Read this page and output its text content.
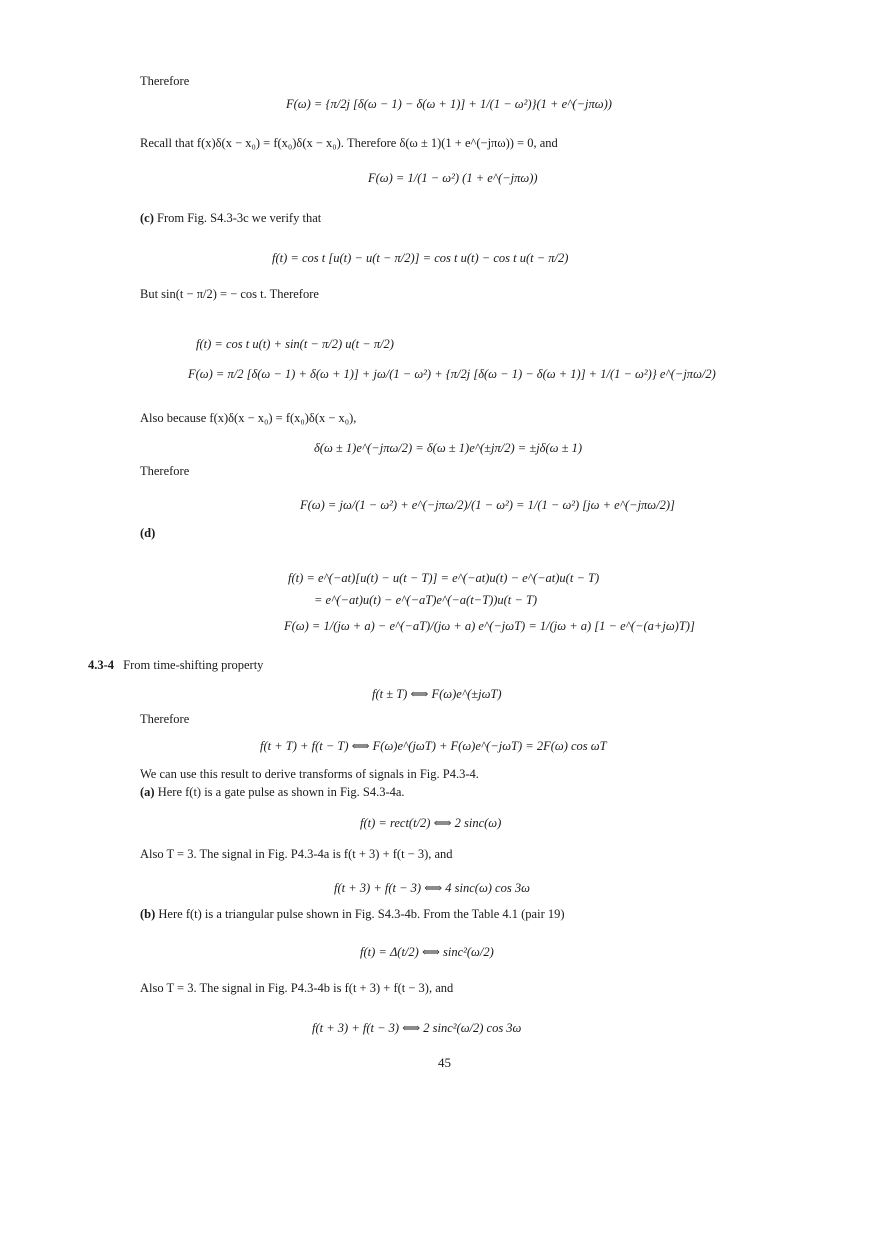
Therefore
F(ω) = {π/2j [δ(ω − 1) − δ(ω + 1)] + 1/(1 − ω²)}(1 + e^(−jπω))
Recall that f(x)δ(x − x₀) = f(x₀)δ(x − x₀). Therefore δ(ω ± 1)(1 + e^(−jπω)) = 0, and
F(ω) = 1/(1 − ω²) (1 + e^(−jπω))
(c) From Fig. S4.3-3c we verify that
f(t) = cos t [u(t) − u(t − π/2)] = cos t u(t) − cos t u(t − π/2)
But sin(t − π/2) = − cos t. Therefore
f(t) = cos t u(t) + sin(t − π/2) u(t − π/2)
F(ω) = π/2 [δ(ω − 1) + δ(ω + 1)] + jω/(1 − ω²) + {π/2j [δ(ω − 1) − δ(ω + 1)] + 1/(1 − ω²)} e^(−jπω/2)
Also because f(x)δ(x − x₀) = f(x₀)δ(x − x₀),
δ(ω ± 1)e^(−jπω/2) = δ(ω ± 1)e^(±jπ/2) = ±jδ(ω ± 1)
Therefore
F(ω) = jω/(1 − ω²) + e^(−jπω/2)/(1 − ω²) = 1/(1 − ω²) [jω + e^(−jπω/2)]
(d)
f(t) = e^(−at)[u(t) − u(t − T)] = e^(−at)u(t) − e^(−at)u(t − T)
= e^(−at)u(t) − e^(−aT)e^(−a(t−T))u(t − T)
F(ω) = 1/(jω + a) − e^(−aT)/(jω + a) e^(−jωT) = 1/(jω + a) [1 − e^(−(a+jω)T)]
4.3-4 From time-shifting property
f(t ± T) ⟺ F(ω)e^(±jωT)
Therefore
f(t + T) + f(t − T) ⟺ F(ω)e^(jωT) + F(ω)e^(−jωT) = 2F(ω) cos ωT
We can use this result to derive transforms of signals in Fig. P4.3-4.
(a) Here f(t) is a gate pulse as shown in Fig. S4.3-4a.
f(t) = rect(t/2) ⟺ 2 sinc(ω)
Also T = 3. The signal in Fig. P4.3-4a is f(t + 3) + f(t − 3), and
f(t + 3) + f(t − 3) ⟺ 4 sinc(ω) cos 3ω
(b) Here f(t) is a triangular pulse shown in Fig. S4.3-4b. From the Table 4.1 (pair 19)
f(t) = Δ(t/2) ⟺ sinc²(ω/2)
Also T = 3. The signal in Fig. P4.3-4b is f(t + 3) + f(t − 3), and
f(t + 3) + f(t − 3) ⟺ 2 sinc²(ω/2) cos 3ω
45
